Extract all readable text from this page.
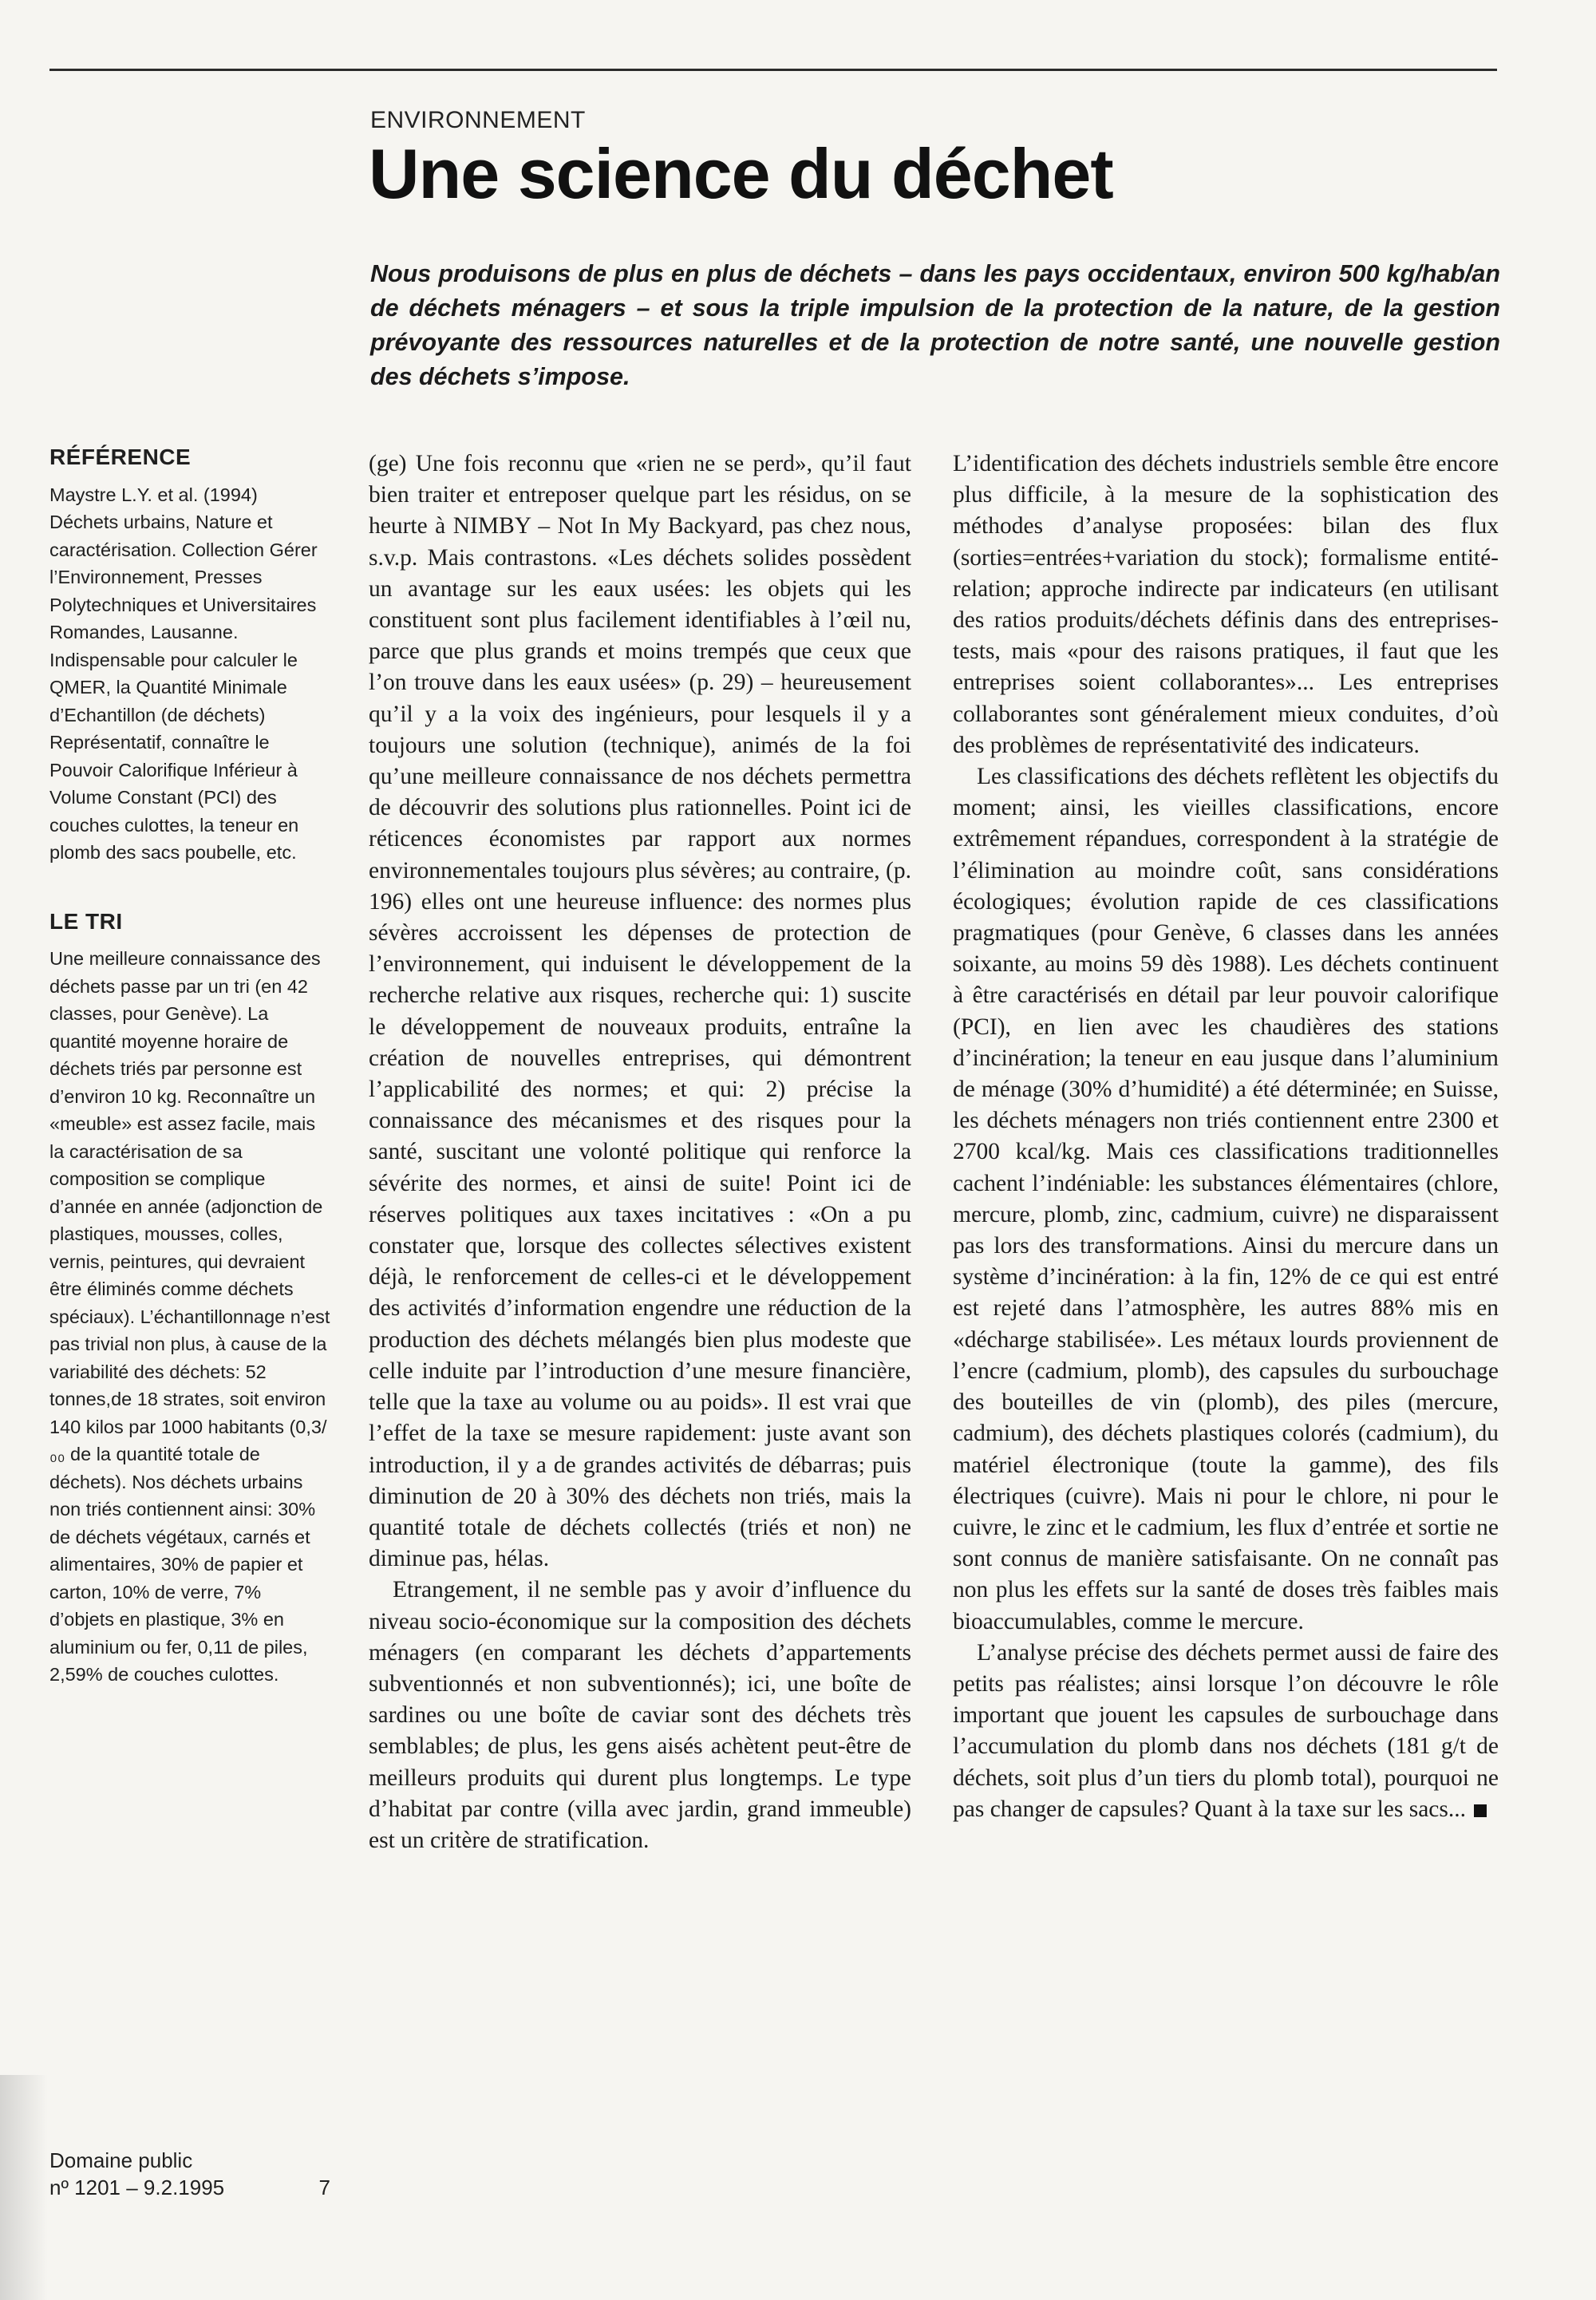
ENVIRONNEMENT
Une science du déchet

Nous produisons de plus en plus de déchets – dans les pays occidentaux, environ 500 kg/hab/an de déchets ménagers – et sous la triple impulsion de la protection de la nature, de la gestion prévoyante des ressources naturelles et de la protection de notre santé, une nouvelle gestion des déchets s’impose.

RÉFÉRENCE

Maystre L.Y. et al. (1994) Déchets urbains, Nature et caractérisation. Collection Gérer l’Environnement, Presses Polytechniques et Universitaires Romandes, Lausanne. Indispensable pour calculer le QMER, la Quantité Minimale d’Echantillon (de déchets) Représentatif, connaître le Pouvoir Calorifique Inférieur à Volume Constant (PCI) des couches culottes, la teneur en plomb des sacs poubelle, etc.

LE TRI

Une meilleure connaissance des déchets passe par un tri (en 42 classes, pour Genève). La quantité moyenne horaire de déchets triés par personne est d’environ 10 kg. Reconnaître un «meuble» est assez facile, mais la caractérisation de sa composition se complique d’année en année (adjonction de plastiques, mousses, colles, vernis, peintures, qui devraient être éliminés comme déchets spéciaux). L’échantillonnage n’est pas trivial non plus, à cause de la variabilité des déchets: 52 tonnes,de 18 strates, soit environ 140 kilos par 1000 habitants (0,3/₀₀ de la quantité totale de déchets). Nos déchets urbains non triés contiennent ainsi: 30% de déchets végétaux, carnés et alimentaires, 30% de papier et carton, 10% de verre, 7% d’objets en plastique, 3% en aluminium ou fer, 0,11 de piles, 2,59% de couches culottes.

Domaine public
nº 1201 – 9.2.1995	7

(ge) Une fois reconnu que «rien ne se perd», qu’il faut bien traiter et entreposer quelque part les résidus, on se heurte à NIMBY – Not In My Backyard, pas chez nous, s.v.p. Mais contrastons. «Les déchets solides possèdent un avantage sur les eaux usées: les objets qui les constituent sont plus facilement identifiables à l’œil nu, parce que plus grands et moins trempés que ceux que l’on trouve dans les eaux usées» (p. 29) – heureusement qu’il y a la voix des ingénieurs, pour lesquels il y a toujours une solution (technique), animés de la foi qu’une meilleure connaissance de nos déchets permettra de découvrir des solutions plus rationnelles. Point ici de réticences économistes par rapport aux normes environnementales toujours plus sévères; au contraire, (p. 196) elles ont une heureuse influence: des normes plus sévères accroissent les dépenses de protection de l’environnement, qui induisent le développement de la recherche relative aux risques, recherche qui: 1) suscite le développement de nouveaux produits, entraîne la création de nouvelles entreprises, qui démontrent l’applicabilité des normes; et qui: 2) précise la connaissance des mécanismes et des risques pour la santé, suscitant une volonté politique qui renforce la sévérite des normes, et ainsi de suite! Point ici de réserves politiques aux taxes incitatives : «On a pu constater que, lorsque des collectes sélectives existent déjà, le renforcement de celles-ci et le développement des activités d’information engendre une réduction de la production des déchets mélangés bien plus modeste que celle induite par l’introduction d’une mesure financière, telle que la taxe au volume ou au poids». Il est vrai que l’effet de la taxe se mesure rapidement: juste avant son introduction, il y a de grandes activités de débarras; puis diminution de 20 à 30% des déchets non triés, mais la quantité totale de déchets collectés (triés et non) ne diminue pas, hélas.

Etrangement, il ne semble pas y avoir d’influence du niveau socio-économique sur la composition des déchets ménagers (en comparant les déchets d’appartements subventionnés et non subventionnés); ici, une boîte de sardines ou une boîte de caviar sont des déchets très semblables; de plus, les gens aisés achètent peut-être de meilleurs produits qui durent plus longtemps. Le type d’habitat par contre (villa avec jardin, grand immeuble) est un critère de stratification.

L’identification des déchets industriels semble être encore plus difficile, à la mesure de la sophistication des méthodes d’analyse proposées: bilan des flux (sorties=entrées+variation du stock); formalisme entité-relation; approche indirecte par indicateurs (en utilisant des ratios produits/déchets définis dans des entreprises-tests, mais «pour des raisons pratiques, il faut que les entreprises soient collaborantes»... Les entreprises collaborantes sont généralement mieux conduites, d’où des problèmes de représentativité des indicateurs.

Les classifications des déchets reflètent les objectifs du moment; ainsi, les vieilles classifications, encore extrêmement répandues, correspondent à la stratégie de l’élimination au moindre coût, sans considérations écologiques; évolution rapide de ces classifications pragmatiques (pour Genève, 6 classes dans les années soixante, au moins 59 dès 1988). Les déchets continuent à être caractérisés en détail par leur pouvoir calorifique (PCI), en lien avec les chaudières des stations d’incinération; la teneur en eau jusque dans l’aluminium de ménage (30% d’humidité) a été déterminée; en Suisse, les déchets ménagers non triés contiennent entre 2300 et 2700 kcal/kg. Mais ces classifications traditionnelles cachent l’indéniable: les substances élémentaires (chlore, mercure, plomb, zinc, cadmium, cuivre) ne disparaissent pas lors des transformations. Ainsi du mercure dans un système d’incinération: à la fin, 12% de ce qui est entré est rejeté dans l’atmosphère, les autres 88% mis en «décharge stabilisée». Les métaux lourds proviennent de l’encre (cadmium, plomb), des capsules du surbouchage des bouteilles de vin (plomb), des piles (mercure, cadmium), des déchets plastiques colorés (cadmium), du matériel électronique (toute la gamme), des fils électriques (cuivre). Mais ni pour le chlore, ni pour le cuivre, le zinc et le cadmium, les flux d’entrée et sortie ne sont connus de manière satisfaisante. On ne connaît pas non plus les effets sur la santé de doses très faibles mais bioaccumulables, comme le mercure.

L’analyse précise des déchets permet aussi de faire des petits pas réalistes; ainsi lorsque l’on découvre le rôle important que jouent les capsules de surbouchage dans l’accumulation du plomb dans nos déchets (181 g/t de déchets, soit plus d’un tiers du plomb total), pourquoi ne pas changer de capsules? Quant à la taxe sur les sacs...
